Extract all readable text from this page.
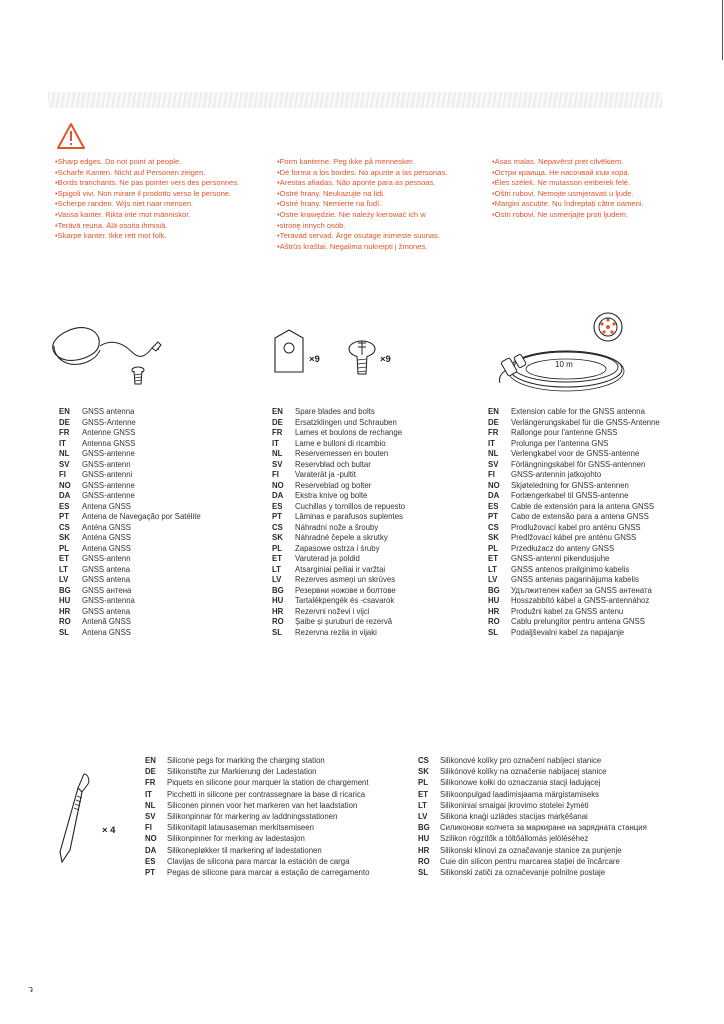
•Sharp edges. Do not point at people.
•Scharfe Kanten. Nicht auf Personen zeigen.
•Bords tranchants. Ne pas pointer vers des personnes.
•Spigoli vivi. Non mirare il prodotto verso le persone.
•Scherpe randen. Wijs niet naar mensen.
•Vassa kanter. Rikta inte mot människor.
•Terävä reuna. Älä osoita ihmisiä.
•Skarpe kanter. Ikke rett mot folk.
•Form kanterne. Peg ikke på mennesker.
•Dé forma a los bordes. No apunte a las personas.
•Arestas afiadas. Não aponte para as pessoas.
•Ostré hrany. Neukazujte na lidi.
•Ostré hrany. Nemierte na ľudí.
•Ostre krawędzie. Nie należy kierować ich w
•stronę innych osób.
•Teravad servad. Ärge osutage inimeste suunas.
•Aštrūs kraštai. Negalima nukreipti į žmones.
•Asas malas. Nepavērst pret cilvēkiem.
•Остри краища. Не насочвай към хора.
•Éles szélek. Ne mutasson emberek felé.
•Oštri rubovi. Nemojte usmjeravati u ljude.
•Margini ascuțite. Nu îndreptați către oameni.
•Ostri robovi. Ne usmerjajte proti ljudem.
×9	×9	10 m
EN	GNSS antenna
DE	GNSS-Antenne
FR	Antenne GNSS
IT	Antenna GNSS
NL	GNSS-antenne
SV	GNSS-antenn
FI	GNSS-antenni
NO	GNSS-antenne
DA	GNSS-antenne
ES	Antena GNSS
PT	Antena de Navegação por Satélite
CS	Anténa GNSS
SK	Anténa GNSS
PL	Antena GNSS
ET	GNSS-antenn
LT	GNSS antena
LV	GNSS antena
BG	GNSS антена
HU	GNSS-antenna
HR	GNSS antena
RO	Antenă GNSS
SL	Antena GNSS
EN	Spare blades and bolts
DE	Ersatzklingen und Schrauben
FR	Lames et boulons de rechange
IT	Lame e bulloni di ricambio
NL	Reservemessen en bouten
SV	Reservblad och bultar
FI	Varaterät ja -pultit
NO	Reserveblad og bolter
DA	Ekstra knive og bolte
ES	Cuchillas y tornillos de repuesto
PT	Lâminas e parafusos suplentes
CS	Náhradní nože a šrouby
SK	Náhradné čepele a skrutky
PL	Zapasowe ostrza i śruby
ET	Varuterad ja poldid
LT	Atsarginiai peiliai ir varžtai
LV	Rezerves asmeņi un skrūves
BG	Резервни ножове и болтове
HU	Tartalékpengék és -csavarok
HR	Rezervni noževi i vijci
RO	Șaibe și șuruburi de rezervă
SL	Rezervna rezila in vijaki
EN	Extension cable for the GNSS antenna
DE	Verlängerungskabel für die GNSS-Antenne
FR	Rallonge pour l'antenne GNSS
IT	Prolunga per l'antenna GNS
NL	Verlengkabel voor de GNSS-antenne
SV	Förlängningskabel för GNSS-antennen
FI	GNSS-antennin jatkojohto
NO	Skjøteledning for GNSS-antennen
DA	Forlængerkabel til GNSS-antenne
ES	Cable de extensión para la antena GNSS
PT	Cabo de extensão para a antena GNSS
CS	Prodlužovací kabel pro anténu GNSS
SK	Predlžovací kábel pre anténu GNSS
PL	Przedłużacz do anteny GNSS
ET	GNSS-antenni pikendusjuhe
LT	GNSS antenos prailginimo kabelis
LV	GNSS antenas pagarinājuma kabelis
BG	Удължителен кабел за GNSS антената
HU	Hosszabbító kábel a GNSS-antennához
HR	Produžni kabel za GNSS antenu
RO	Cablu prelungitor pentru antena GNSS
SL	Podaljševalni kabel za napajanje
× 4
EN	Silicone pegs for marking the charging station
DE	Silikonstifte zur Markierung der Ladestation
FR	Piquets en silicone pour marquer la station de chargement
IT	Picchetti in silicone per contrassegnare la base di ricarica
NL	Siliconen pinnen voor het markeren van het laadstation
SV	Silikonpinnar för markering av laddningsstationen
FI	Silikonitapit latausaseman merkitsemiseen
NO	Silikonpinner for merking av ladestasjon
DA	Silikonepløkker til markering af ladestationen
ES	Clavijas de silicona para marcar la estación de carga
PT	Pegas de silicone para marcar a estação de carregamento
CS	Silikonové kolíky pro označení nabíjecí stanice
SK	Silikónové kolíky na označenie nabíjacej stanice
PL	Silikonowe kołki do oznaczania stacji ładującej
ET	Silikoonpulgad laadimisjaama märgistamiseks
LT	Silikoniniai smaigai įkrovimo stotelei žymėti
LV	Silikona knaģi uzlādes stacijas marķēšanai
BG	Силиконови колчета за маркиране на зарядната станция
HU	Szilikon rögzítők a töltőállomás jelöléséhez
HR	Silikonski klinovi za označavanje stanice za punjenje
RO	Cuie din silicon pentru marcarea stației de încărcare
SL	Silikonski zatiči za označevanje polnilne postaje
ว
